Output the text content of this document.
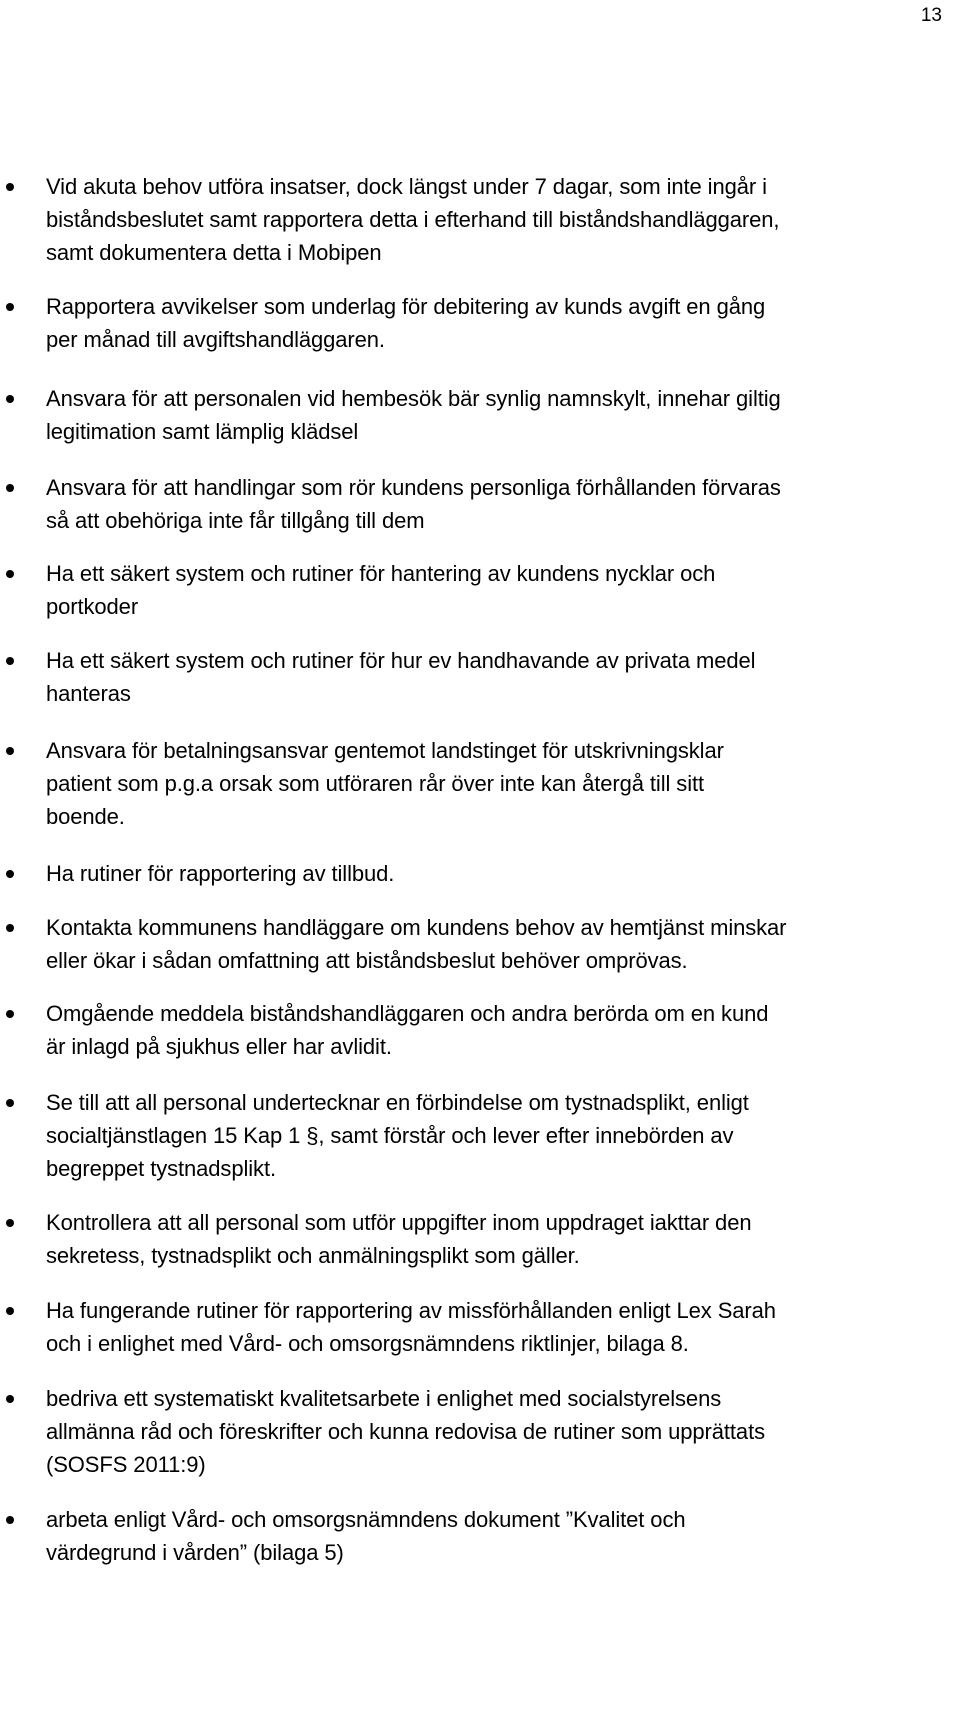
13
Vid akuta behov utföra insatser, dock längst under 7 dagar, som inte ingår i
biståndsbeslutet samt rapportera detta i efterhand till biståndshandläggaren,
samt dokumentera detta i Mobipen
Rapportera avvikelser som underlag för debitering av kunds avgift en gång
per månad till avgiftshandläggaren.
Ansvara för att personalen vid hembesök bär synlig namnskylt, innehar giltig
legitimation samt lämplig klädsel
Ansvara för att handlingar som rör kundens personliga förhållanden förvaras
så att obehöriga inte får tillgång till dem
Ha ett säkert system och rutiner för hantering av kundens nycklar och
portkoder
Ha ett säkert system och rutiner för hur ev handhavande av privata medel
hanteras
Ansvara för betalningsansvar gentemot landstinget för utskrivningsklar
patient som p.g.a orsak som utföraren rår över inte kan återgå till sitt
boende.
Ha rutiner för rapportering av tillbud.
Kontakta kommunens handläggare om kundens behov av hemtjänst minskar
eller ökar i sådan omfattning att biståndsbeslut behöver omprövas.
Omgående meddela biståndshandläggaren och andra berörda om en kund
är inlagd på sjukhus eller har avlidit.
Se till att all personal undertecknar en förbindelse om tystnadsplikt, enligt
socialtjänstlagen 15 Kap 1 §, samt förstår och lever efter innebörden av
begreppet tystnadsplikt.
Kontrollera att all personal som utför uppgifter inom uppdraget iakttar den
sekretess, tystnadsplikt och anmälningsplikt som gäller.
Ha fungerande rutiner för rapportering av missförhållanden enligt Lex Sarah
och i enlighet med Vård- och omsorgsnämndens riktlinjer, bilaga 8.
bedriva ett systematiskt kvalitetsarbete i enlighet med socialstyrelsens
allmänna råd och föreskrifter och kunna redovisa de rutiner som upprättats
(SOSFS 2011:9)
arbeta enligt Vård- och omsorgsnämndens dokument ”Kvalitet och
värdegrund i vården” (bilaga 5)
